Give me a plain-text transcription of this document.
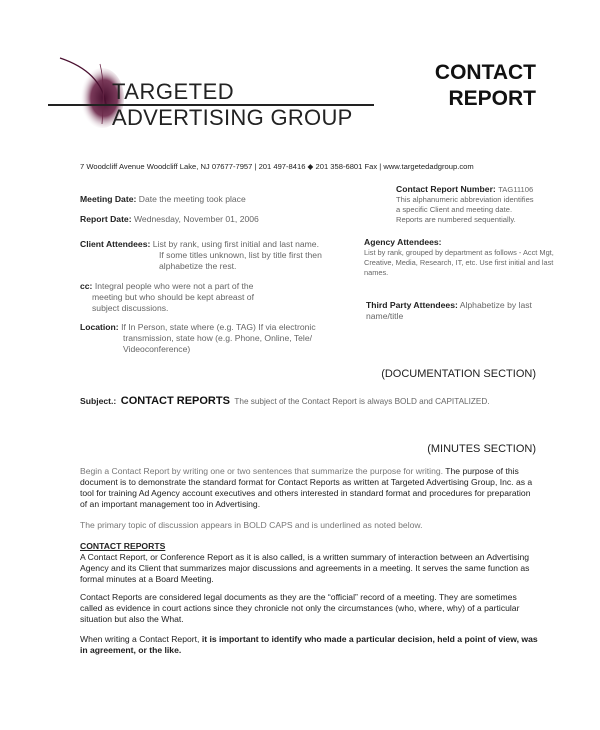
TARGETED
ADVERTISING GROUP
CONTACT
REPORT
7 Woodcliff Avenue Woodcliff Lake, NJ 07677-7957 | 201 497-8416 ◆ 201 358-6801 Fax | www.targetedadgroup.com
Meeting Date: Date the meeting took place
Report Date: Wednesday, November 01, 2006
Contact Report Number: TAG11106
This alphanumeric abbreviation identifies
a specific Client and meeting date.
Reports are numbered sequentially.
Client Attendees: List by rank, using first initial and last name.
If some titles unknown, list by title first then
alphabetize the rest.
Agency Attendees:
List by rank, grouped by department as follows - Acct Mgt,
Creative, Media, Research, IT, etc. Use first initial and last
names.
cc: Integral people who were not a part of the
meeting but who should be kept abreast of
subject discussions.	Third Party Attendees: Alphabetize by last
name/title
Location: If In Person, state where (e.g. TAG) If via electronic
transmission, state how (e.g. Phone, Online, Tele/
Videoconference)
(DOCUMENTATION SECTION)
Subject.: CONTACT REPORTS The subject of the Contact Report is always BOLD and CAPITALIZED.
(MINUTES SECTION)
Begin a Contact Report by writing one or two sentences that summarize the purpose for writing. The purpose of this document is to demonstrate the standard format for Contact Reports as written at Targeted Advertising Group, Inc. as a tool for training Ad Agency account executives and others interested in standard format and procedures for preparation of an important management too in Advertising.
The primary topic of discussion appears in BOLD CAPS and is underlined as noted below.
CONTACT REPORTS
A Contact Report, or Conference Report as it is also called, is a written summary of interaction between an Advertising Agency and its Client that summarizes major discussions and agreements in a meeting. It serves the same function as formal minutes at a Board Meeting.
Contact Reports are considered legal documents as they are the “official” record of a meeting. They are sometimes called as evidence in court actions since they chronicle not only the circumstances (who, where, why) of a particular situation but also the What.
When writing a Contact Report, it is important to identify who made a particular decision, held a point of view, was in agreement, or the like.
